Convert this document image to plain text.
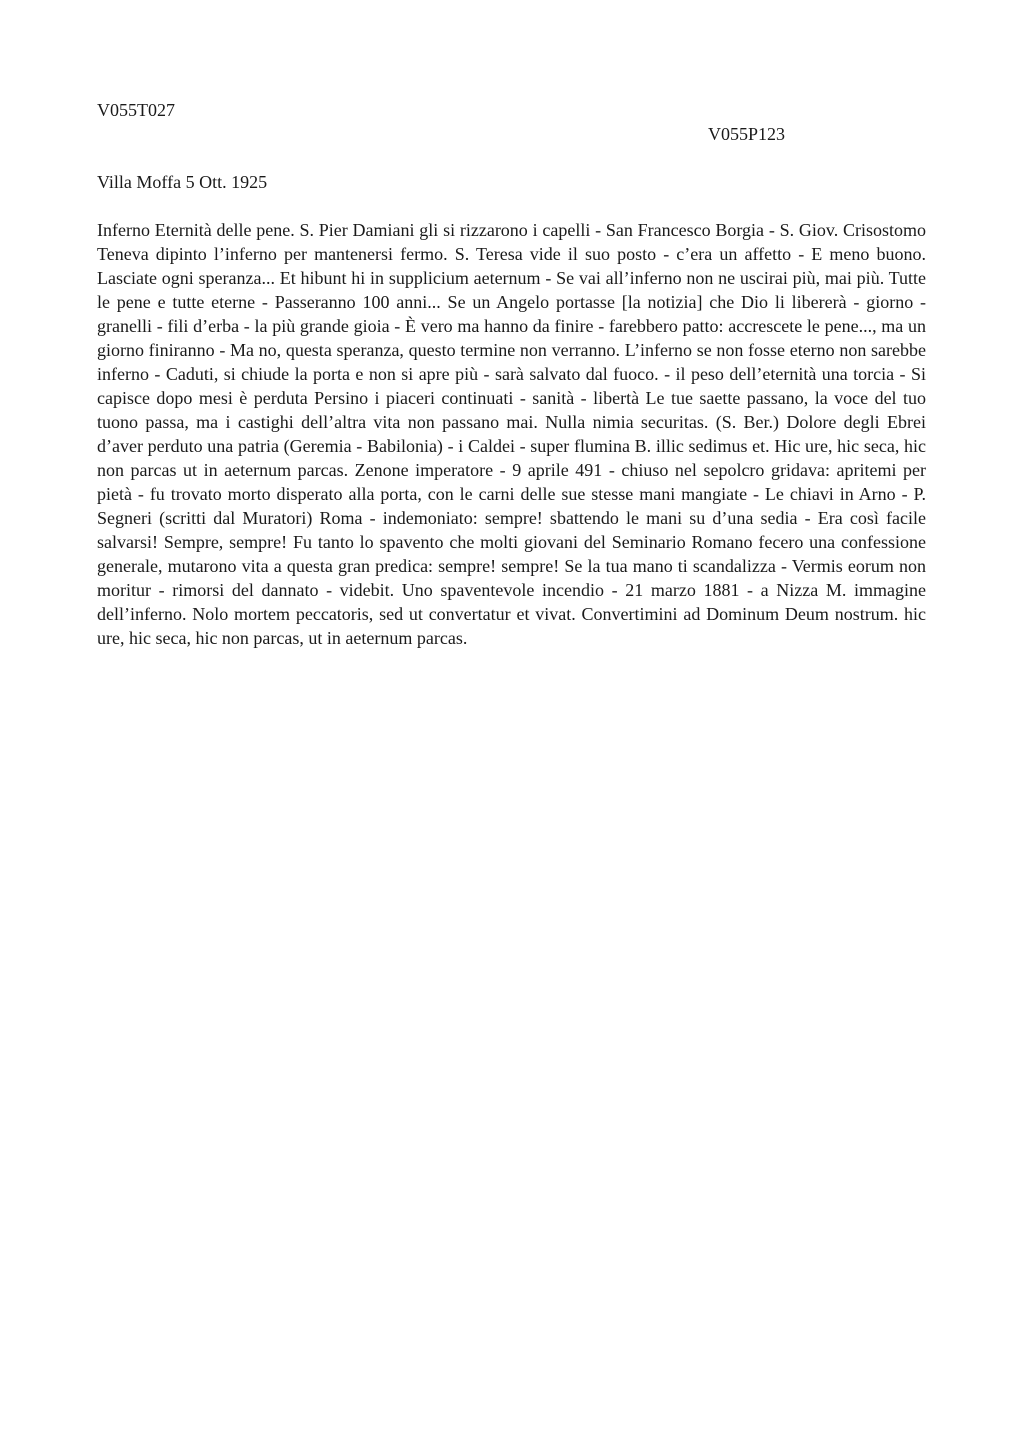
V055T027

V055P123

Villa Moffa 5 Ott. 1925

Inferno Eternità delle pene. S. Pier Damiani gli si rizzarono i capelli - San Francesco Borgia - S. Giov. Crisostomo Teneva dipinto l’inferno per mantenersi fermo. S. Teresa vide il suo posto - c’era un affetto - E meno buono. Lasciate ogni speranza... Et hibunt hi in supplicium aeternum - Se vai all’inferno non ne uscirai più, mai più. Tutte le pene e tutte eterne - Passeranno 100 anni... Se un Angelo portasse [la notizia] che Dio li libererà - giorno - granelli - fili d’erba - la più grande gioia - È vero ma hanno da finire - farebbero patto: accrescete le pene..., ma un giorno finiranno - Ma no, questa speranza, questo termine non verranno. L’inferno se non fosse eterno non sarebbe inferno - Caduti, si chiude la porta e non si apre più - sarà salvato dal fuoco. - il peso dell’eternità una torcia - Si capisce dopo mesi è perduta Persino i piaceri continuati - sanità - libertà Le tue saette passano, la voce del tuo tuono passa, ma i castighi dell’altra vita non passano mai. Nulla nimia securitas. (S. Ber.) Dolore degli Ebrei d’aver perduto una patria (Geremia - Babilonia) - i Caldei - super flumina B. illic sedimus et. Hic ure, hic seca, hic non parcas ut in aeternum parcas. Zenone imperatore - 9 aprile 491 - chiuso nel sepolcro gridava: apritemi per pietà - fu trovato morto disperato alla porta, con le carni delle sue stesse mani mangiate - Le chiavi in Arno - P. Segneri (scritti dal Muratori) Roma - indemoniato: sempre! sbattendo le mani su d’una sedia - Era così facile salvarsi! Sempre, sempre! Fu tanto lo spavento che molti giovani del Seminario Romano fecero una confessione generale, mutarono vita a questa gran predica: sempre! sempre! Se la tua mano ti scandalizza - Vermis eorum non moritur - rimorsi del dannato - videbit. Uno spaventevole incendio - 21 marzo 1881 - a Nizza M. immagine dell’inferno. Nolo mortem peccatoris, sed ut convertatur et vivat. Convertimini ad Dominum Deum nostrum. hic ure, hic seca, hic non parcas, ut in aeternum parcas.
